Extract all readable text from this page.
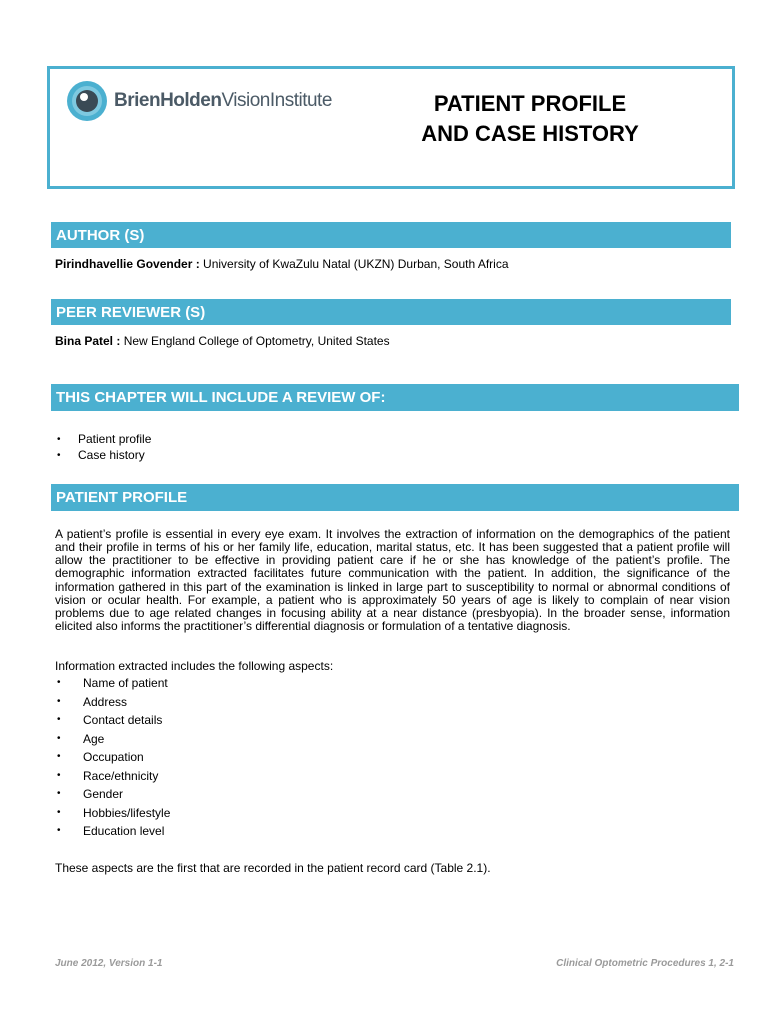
BrienHoldenVisionInstitute	PATIENT PROFILE
AND CASE HISTORY
AUTHOR (S)
Pirindhavellie Govender : University of KwaZulu Natal (UKZN) Durban, South Africa
PEER REVIEWER (S)
Bina Patel : New England College of Optometry, United States
THIS CHAPTER WILL INCLUDE A REVIEW OF:
• Patient profile
• Case history
PATIENT PROFILE

A patient’s profile is essential in every eye exam. It involves the extraction of information on the demographics of the patient and their profile in terms of his or her family life, education, marital status, etc. It has been suggested that a patient profile will allow the practitioner to be effective in providing patient care if he or she has knowledge of the patient’s profile. The demographic information extracted facilitates future communication with the patient. In addition, the significance of the information gathered in this part of the examination is linked in large part to susceptibility to normal or abnormal conditions of vision or ocular health. For example, a patient who is approximately 50 years of age is likely to complain of near vision problems due to age related changes in focusing ability at a near distance (presbyopia). In the broader sense, information elicited also informs the practitioner’s differential diagnosis or formulation of a tentative diagnosis.

Information extracted includes the following aspects:
• Name of patient
• Address
• Contact details
• Age
• Occupation
• Race/ethnicity
• Gender
• Hobbies/lifestyle
• Education level
These aspects are the first that are recorded in the patient record card (Table 2.1).
June 2012, Version 1-1	Clinical Optometric Procedures 1, 2-1
